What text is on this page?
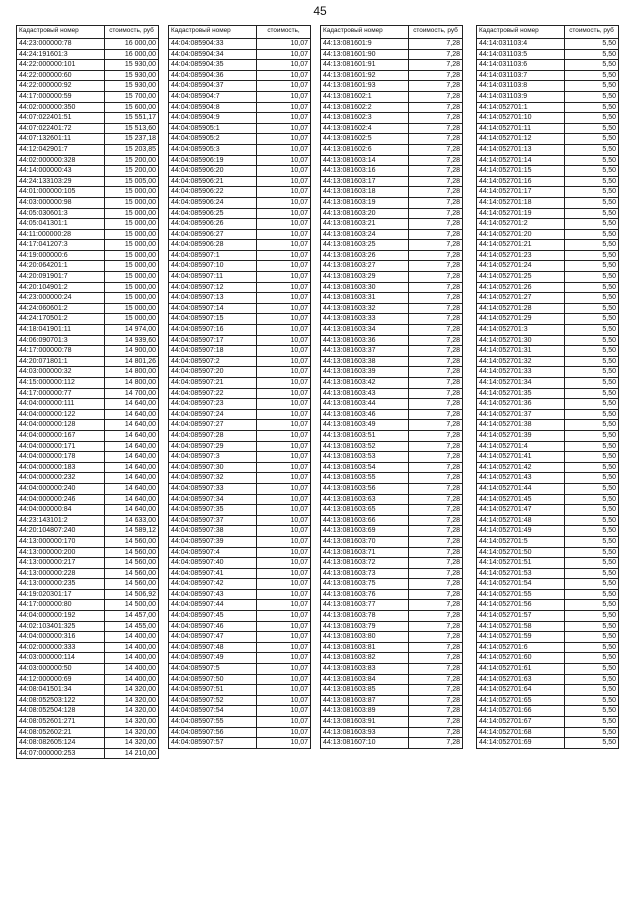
45
Кадастровый номер	стоимость, руб
44:23:000000:78	16 000,00
44:24:191601:3	16 000,00
44:22:000000:101	15 930,00
44:22:000000:60	15 930,00
44:22:000000:92	15 930,00
44:17:000000:59	15 700,00
44:02:000000:350	15 600,00
44:07:022401:51	15 551,17
44:07:022401:72	15 513,60
44:07:132601:11	15 237,18
44:12:042901:7	15 203,85
44:02:000000:328	15 200,00
44:14:000000:43	15 200,00
44:24:133103:29	15 005,00
44:01:000000:105	15 000,00
44:03:000000:98	15 000,00
44:05:030601:3	15 000,00
44:05:041301:1	15 000,00
44:11:000000:28	15 000,00
44:17:041207:3	15 000,00
44:19:000000:6	15 000,00
44:20:064201:1	15 000,00
44:20:091901:7	15 000,00
44:20:104901:2	15 000,00
44:23:000000:24	15 000,00
44:24:060601:2	15 000,00
44:24:170501:2	15 000,00
44:18:041901:11	14 974,00
44:06:090701:3	14 939,60
44:17:000000:78	14 900,00
44:20:071801:1	14 801,26
44:03:000000:32	14 800,00
44:15:000000:112	14 800,00
44:17:000000:77	14 700,00
44:04:000000:111	14 640,00
44:04:000000:122	14 640,00
44:04:000000:128	14 640,00
44:04:000000:167	14 640,00
44:04:000000:171	14 640,00
44:04:000000:178	14 640,00
44:04:000000:183	14 640,00
44:04:000000:232	14 640,00
44:04:000000:240	14 640,00
44:04:000000:246	14 640,00
44:04:000000:84	14 640,00
44:23:143101:2	14 633,00
44:20:104807:240	14 589,12
44:13:000000:170	14 560,00
44:13:000000:200	14 560,00
44:13:000000:217	14 560,00
44:13:000000:228	14 560,00
44:13:000000:235	14 560,00
44:19:020301:17	14 506,92
44:17:000000:80	14 500,00
44:04:000000:192	14 457,00
44:02:103401:325	14 455,00
44:04:000000:316	14 400,00
44:02:000000:333	14 400,00
44:03:000000:114	14 400,00
44:03:000000:50	14 400,00
44:12:000000:69	14 400,00
44:08:041501:34	14 320,00
44:08:052503:122	14 320,00
44:08:052504:128	14 320,00
44:08:052601:271	14 320,00
44:08:052602:21	14 320,00
44:08:082605:124	14 320,00
44:07:000000:253	14 210,00
Кадастровый номер	стоимость,
44:04:085904:33	10,07
44:04:085904:34	10,07
44:04:085904:35	10,07
44:04:085904:36	10,07
44:04:085904:37	10,07
44:04:085904:7	10,07
44:04:085904:8	10,07
44:04:085904:9	10,07
44:04:085905:1	10,07
44:04:085905:2	10,07
44:04:085905:3	10,07
44:04:085906:19	10,07
44:04:085906:20	10,07
44:04:085906:21	10,07
44:04:085906:22	10,07
44:04:085906:24	10,07
44:04:085906:25	10,07
44:04:085906:26	10,07
44:04:085906:27	10,07
44:04:085906:28	10,07
44:04:085907:1	10,07
44:04:085907:10	10,07
44:04:085907:11	10,07
44:04:085907:12	10,07
44:04:085907:13	10,07
44:04:085907:14	10,07
44:04:085907:15	10,07
44:04:085907:16	10,07
44:04:085907:17	10,07
44:04:085907:18	10,07
44:04:085907:2	10,07
44:04:085907:20	10,07
44:04:085907:21	10,07
44:04:085907:22	10,07
44:04:085907:23	10,07
44:04:085907:24	10,07
44:04:085907:27	10,07
44:04:085907:28	10,07
44:04:085907:29	10,07
44:04:085907:3	10,07
44:04:085907:30	10,07
44:04:085907:32	10,07
44:04:085907:33	10,07
44:04:085907:34	10,07
44:04:085907:35	10,07
44:04:085907:37	10,07
44:04:085907:38	10,07
44:04:085907:39	10,07
44:04:085907:4	10,07
44:04:085907:40	10,07
44:04:085907:41	10,07
44:04:085907:42	10,07
44:04:085907:43	10,07
44:04:085907:44	10,07
44:04:085907:45	10,07
44:04:085907:46	10,07
44:04:085907:47	10,07
44:04:085907:48	10,07
44:04:085907:49	10,07
44:04:085907:5	10,07
44:04:085907:50	10,07
44:04:085907:51	10,07
44:04:085907:52	10,07
44:04:085907:54	10,07
44:04:085907:55	10,07
44:04:085907:56	10,07
44:04:085907:57	10,07
Кадастровый номер	стоимость, руб
44:13:081601:9	7,28
44:13:081601:90	7,28
44:13:081601:91	7,28
44:13:081601:92	7,28
44:13:081601:93	7,28
44:13:081602:1	7,28
44:13:081602:2	7,28
44:13:081602:3	7,28
44:13:081602:4	7,28
44:13:081602:5	7,28
44:13:081602:6	7,28
44:13:081603:14	7,28
44:13:081603:16	7,28
44:13:081603:17	7,28
44:13:081603:18	7,28
44:13:081603:19	7,28
44:13:081603:20	7,28
44:13:081603:21	7,28
44:13:081603:24	7,28
44:13:081603:25	7,28
44:13:081603:26	7,28
44:13:081603:27	7,28
44:13:081603:29	7,28
44:13:081603:30	7,28
44:13:081603:31	7,28
44:13:081603:32	7,28
44:13:081603:33	7,28
44:13:081603:34	7,28
44:13:081603:36	7,28
44:13:081603:37	7,28
44:13:081603:38	7,28
44:13:081603:39	7,28
44:13:081603:42	7,28
44:13:081603:43	7,28
44:13:081603:44	7,28
44:13:081603:46	7,28
44:13:081603:49	7,28
44:13:081603:51	7,28
44:13:081603:52	7,28
44:13:081603:53	7,28
44:13:081603:54	7,28
44:13:081603:55	7,28
44:13:081603:56	7,28
44:13:081603:63	7,28
44:13:081603:65	7,28
44:13:081603:66	7,28
44:13:081603:69	7,28
44:13:081603:70	7,28
44:13:081603:71	7,28
44:13:081603:72	7,28
44:13:081603:73	7,28
44:13:081603:75	7,28
44:13:081603:76	7,28
44:13:081603:77	7,28
44:13:081603:78	7,28
44:13:081603:79	7,28
44:13:081603:80	7,28
44:13:081603:81	7,28
44:13:081603:82	7,28
44:13:081603:83	7,28
44:13:081603:84	7,28
44:13:081603:85	7,28
44:13:081603:87	7,28
44:13:081603:89	7,28
44:13:081603:91	7,28
44:13:081603:93	7,28
44:13:081607:10	7,28
Кадастровый номер	стоимость, руб
44:14:031103:4	5,50
44:14:031103:5	5,50
44:14:031103:6	5,50
44:14:031103:7	5,50
44:14:031103:8	5,50
44:14:031103:9	5,50
44:14:052701:1	5,50
44:14:052701:10	5,50
44:14:052701:11	5,50
44:14:052701:12	5,50
44:14:052701:13	5,50
44:14:052701:14	5,50
44:14:052701:15	5,50
44:14:052701:16	5,50
44:14:052701:17	5,50
44:14:052701:18	5,50
44:14:052701:19	5,50
44:14:052701:2	5,50
44:14:052701:20	5,50
44:14:052701:21	5,50
44:14:052701:23	5,50
44:14:052701:24	5,50
44:14:052701:25	5,50
44:14:052701:26	5,50
44:14:052701:27	5,50
44:14:052701:28	5,50
44:14:052701:29	5,50
44:14:052701:3	5,50
44:14:052701:30	5,50
44:14:052701:31	5,50
44:14:052701:32	5,50
44:14:052701:33	5,50
44:14:052701:34	5,50
44:14:052701:35	5,50
44:14:052701:36	5,50
44:14:052701:37	5,50
44:14:052701:38	5,50
44:14:052701:39	5,50
44:14:052701:4	5,50
44:14:052701:41	5,50
44:14:052701:42	5,50
44:14:052701:43	5,50
44:14:052701:44	5,50
44:14:052701:45	5,50
44:14:052701:47	5,50
44:14:052701:48	5,50
44:14:052701:49	5,50
44:14:052701:5	5,50
44:14:052701:50	5,50
44:14:052701:51	5,50
44:14:052701:53	5,50
44:14:052701:54	5,50
44:14:052701:55	5,50
44:14:052701:56	5,50
44:14:052701:57	5,50
44:14:052701:58	5,50
44:14:052701:59	5,50
44:14:052701:6	5,50
44:14:052701:60	5,50
44:14:052701:61	5,50
44:14:052701:63	5,50
44:14:052701:64	5,50
44:14:052701:65	5,50
44:14:052701:66	5,50
44:14:052701:67	5,50
44:14:052701:68	5,50
44:14:052701:69	5,50
